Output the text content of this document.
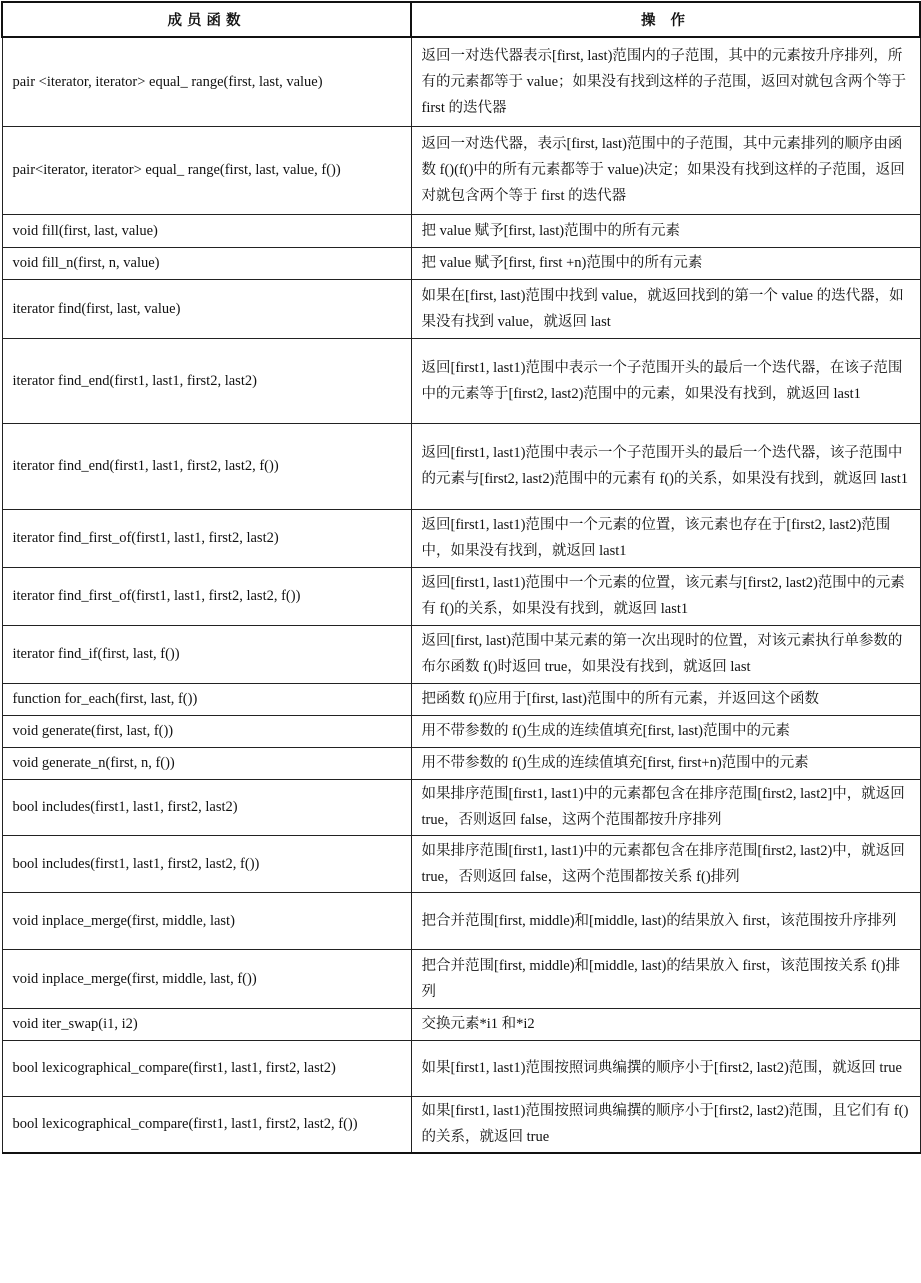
成员函数	操 作
pair <iterator, iterator> equal_ range(first, last, value)	返回一对迭代器表示[first, last)范围内的子范围，其中的元素按升序排列，所有的元素都等于 value；如果没有找到这样的子范围，返回对就包含两个等于 first 的迭代器
pair<iterator, iterator> equal_ range(first, last, value, f())	返回一对迭代器，表示[first, last)范围中的子范围，其中元素排列的顺序由函数 f()(f()中的所有元素都等于 value)决定；如果没有找到这样的子范围，返回对就包含两个等于 first 的迭代器
void fill(first, last, value)	把 value 赋予[first, last)范围中的所有元素
void fill_n(first, n, value)	把 value 赋予[first, first +n)范围中的所有元素
iterator find(first, last, value)	如果在[first, last)范围中找到 value，就返回找到的第一个 value 的迭代器，如果没有找到 value，就返回 last
iterator find_end(first1, last1, first2, last2)	返回[first1, last1)范围中表示一个子范围开头的最后一个迭代器，在该子范围中的元素等于[first2, last2)范围中的元素，如果没有找到，就返回 last1
iterator find_end(first1, last1, first2, last2, f())	返回[first1, last1)范围中表示一个子范围开头的最后一个迭代器，该子范围中的元素与[first2, last2)范围中的元素有 f()的关系，如果没有找到，就返回 last1
iterator find_first_of(first1, last1, first2, last2)	返回[first1, last1)范围中一个元素的位置，该元素也存在于[first2, last2)范围中，如果没有找到，就返回 last1
iterator find_first_of(first1, last1, first2, last2, f())	返回[first1, last1)范围中一个元素的位置，该元素与[first2, last2)范围中的元素有 f()的关系，如果没有找到，就返回 last1
iterator find_if(first, last, f())	返回[first, last)范围中某元素的第一次出现时的位置，对该元素执行单参数的布尔函数 f()时返回 true，如果没有找到，就返回 last
function for_each(first, last, f())	把函数 f()应用于[first, last)范围中的所有元素，并返回这个函数
void generate(first, last, f())	用不带参数的 f()生成的连续值填充[first, last)范围中的元素
void generate_n(first, n, f())	用不带参数的 f()生成的连续值填充[first, first+n)范围中的元素
bool includes(first1, last1, first2, last2)	如果排序范围[first1, last1)中的元素都包含在排序范围[first2, last2]中，就返回 true，否则返回 false，这两个范围都按升序排列
bool includes(first1, last1, first2, last2, f())	如果排序范围[first1, last1)中的元素都包含在排序范围[first2, last2)中，就返回 true，否则返回 false，这两个范围都按关系 f()排列
void inplace_merge(first, middle, last)	把合并范围[first, middle)和[middle, last)的结果放入 first，该范围按升序排列
void inplace_merge(first, middle, last, f())	把合并范围[first, middle)和[middle, last)的结果放入 first，该范围按关系 f()排列
void iter_swap(i1, i2)	交换元素*i1 和*i2
bool lexicographical_compare(first1, last1, first2, last2)	如果[first1, last1)范围按照词典编撰的顺序小于[first2, last2)范围，就返回 true
bool lexicographical_compare(first1, last1, first2, last2, f())	如果[first1, last1)范围按照词典编撰的顺序小于[first2, last2)范围，且它们有 f()的关系，就返回 true
